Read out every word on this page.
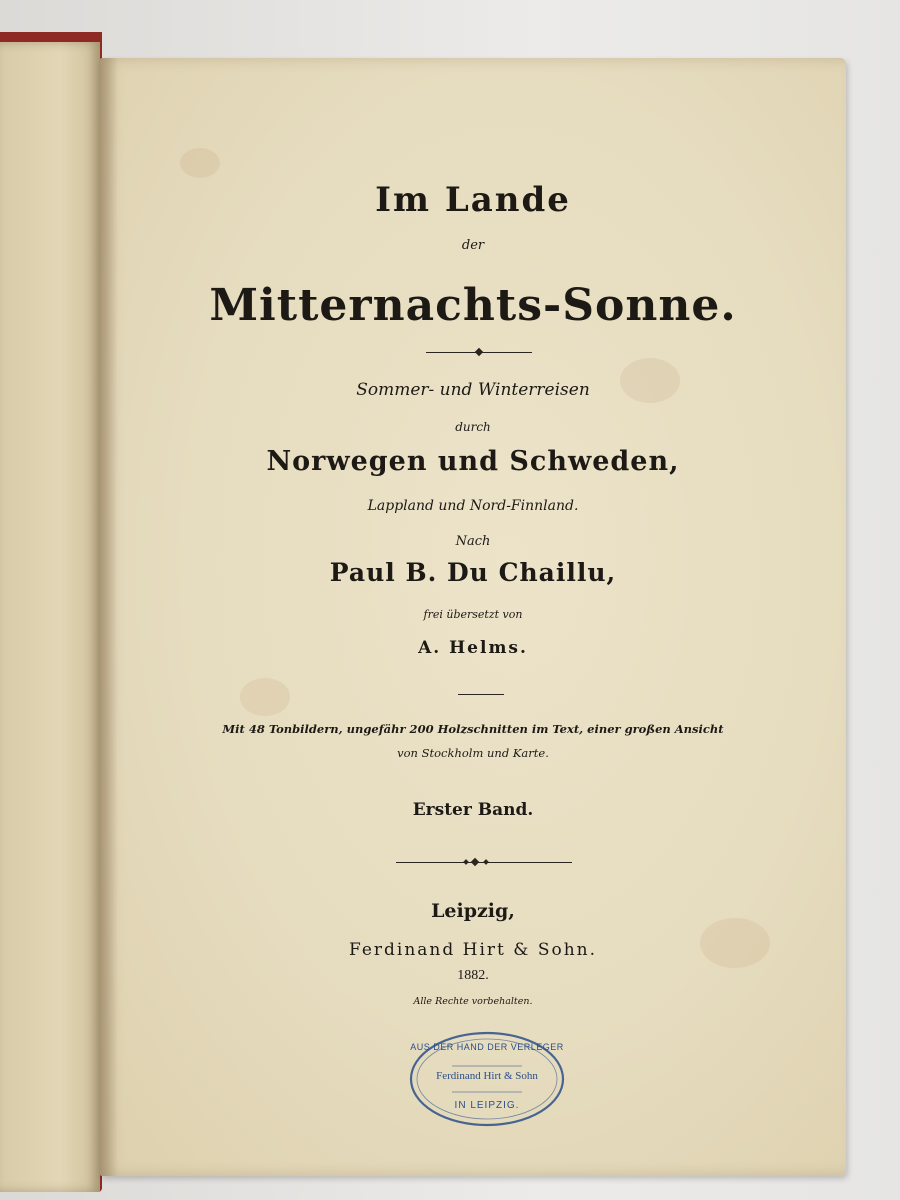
Im Lande
der
Mitternachts-Sonne.
Sommer- und Winterreisen
durch
Norwegen und Schweden,
Lappland und Nord-Finnland.
Nach
Paul B. Du Chaillu,
frei übersetzt von
A. Helms.
Mit 48 Tonbildern, ungefähr 200 Holzschnitten im Text, einer großen Ansicht
von Stockholm und Karte.
Erster Band.
Leipzig,
Ferdinand Hirt & Sohn.
1882.
Alle Rechte vorbehalten.
AUS DER HAND DER VERLEGER
Ferdinand Hirt & Sohn
IN LEIPZIG.
